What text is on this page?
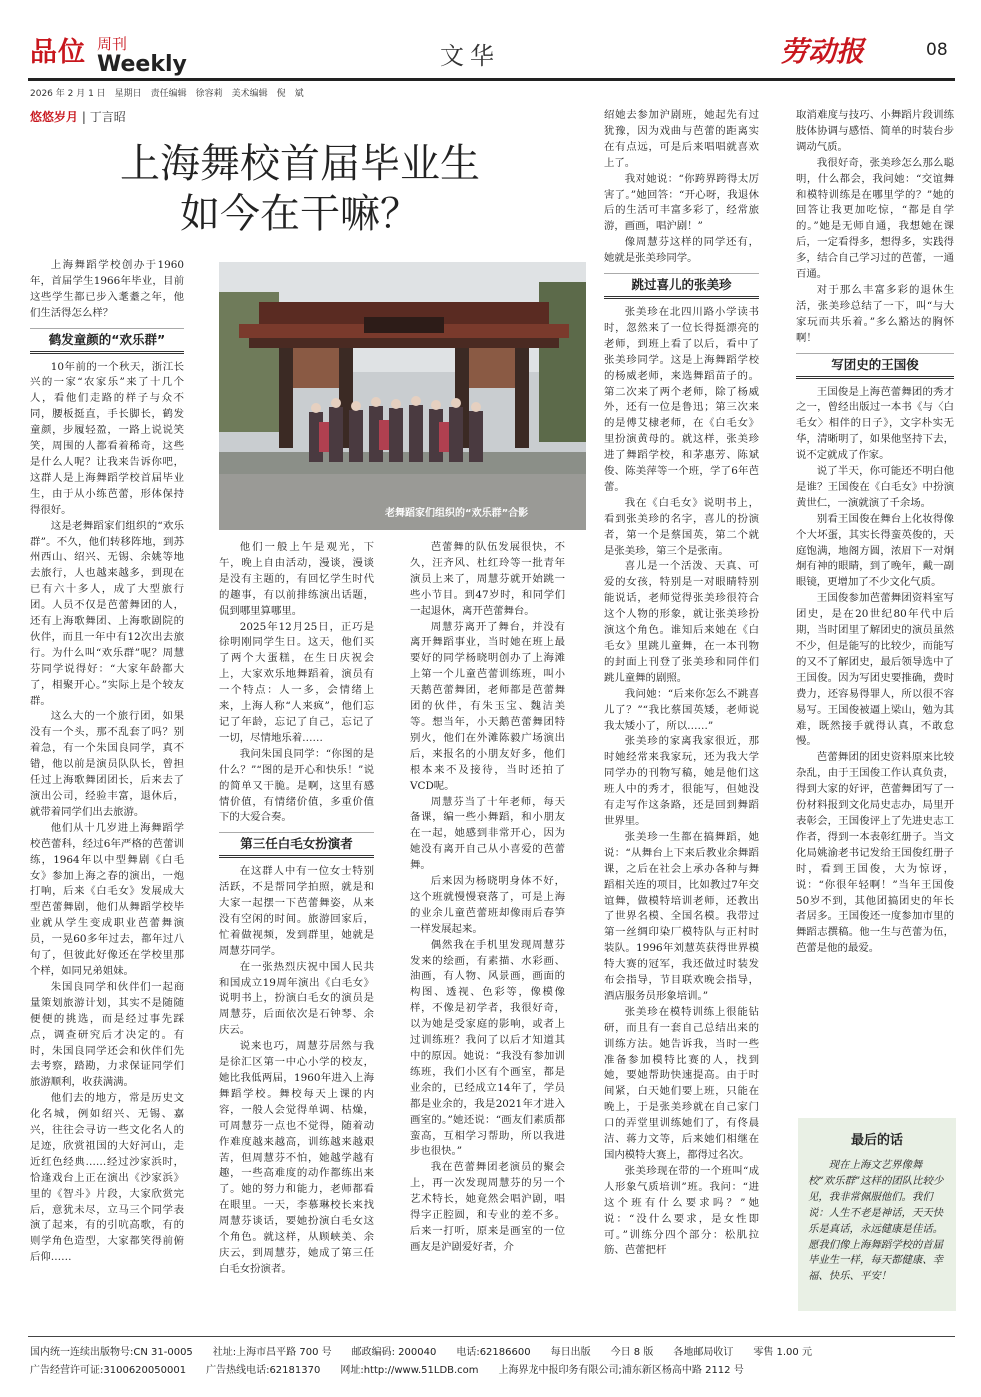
品位 周刊
Weekly	文华	劳动报	08
2026 年 2 月 1 日　星期日　责任编辑　徐容莉　美术编辑　倪　斌
悠悠岁月 | 丁言昭
上海舞校首届毕业生
如今在干嘛？
老舞蹈家们组织的“欢乐群”合影

上海舞蹈学校创办于1960年，首届学生1966年毕业，目前这些学生都已步入耄耋之年，他们生活得怎么样？

鹤发童颜的“欢乐群”

10年前的一个秋天，浙江长兴的一家“农家乐”来了十几个人，看他们走路的样子与众不同，腰板挺直，手长脚长，鹤发童颜，步履轻盈，一路上说说笑笑，周围的人都看着稀奇，这些是什么人呢？让我来告诉你吧，这群人是上海舞蹈学校首届毕业生，由于从小练芭蕾，形体保持得很好。

这是老舞蹈家们组织的“欢乐群”。不久，他们转移阵地，到苏州西山、绍兴、无锡、余姚等地去旅行，人也越来越多，到现在已有六十多人，成了大型旅行团。人员不仅是芭蕾舞团的人，还有上海歌舞团、上海歌剧院的伙伴，而且一年中有12次出去旅行。为什么叫“欢乐群”呢？周慧芬同学说得好：“大家年龄都大了，相聚开心。”实际上是个较友群。

这么大的一个旅行团，如果没有一个头，那不乱套了吗？别着急，有一个朱国良同学，真不错，他以前是演员队队长，曾担任过上海歌舞团团长，后来去了演出公司，经验丰富，退休后，就带着同学们出去旅游。

他们从十几岁进上海舞蹈学校芭蕾科，经过6年严格的芭蕾训练，1964年以中型舞剧《白毛女》参加上海之春的演出，一炮打响，后来《白毛女》发展成大型芭蕾舞剧，他们从舞蹈学校毕业就从学生变成职业芭蕾舞演员，一晃60多年过去，都年过八旬了，但彼此好像还在学校里那个样，如同兄弟姐妹。

朱国良同学和伙伴们一起商量策划旅游计划，其实不是随随便便的挑选，而是经过事先踩点，调查研究后才决定的。有时，朱国良同学还会和伙伴们先去考察，踏勘，力求保证同学们旅游顺利，收获满满。

他们去的地方，常是历史文化名城，例如绍兴、无锡、嘉兴，往往会寻访一些文化名人的足迹，欣赏祖国的大好河山，走近红色经典……经过沙家浜时，恰逢戏台上正在演出《沙家浜》里的《智斗》片段，大家欣赏完后，意犹未尽，立马三个同学表演了起来，有的引吭高歌，有的则学角色造型，大家都笑得前俯后仰……

他们一般上午是观光，下午，晚上自由活动，漫谈，漫谈是没有主题的，有回忆学生时代的趣事，有以前排练演出话题，侃到哪里算哪里。

2025年12月25日，正巧是徐明刚同学生日。这天，他们买了两个大蛋糕，在生日庆祝会上，大家欢乐地舞蹈着，演员有一个特点：人一多，会情绪上来，上海人称“人来疯”，他们忘记了年龄，忘记了自己，忘记了一切，尽情地乐着……

我问朱国良同学：“你图的是什么？”“图的是开心和快乐！”说的简单又干脆。是啊，这里有感情价值，有情绪价值，多重价值下的大爱合奏。

第三任白毛女扮演者

在这群人中有一位女士特别活跃，不是帮同学拍照，就是和大家一起摆一下芭蕾舞姿，从来没有空闲的时间。旅游回家后，忙着做视频，发到群里，她就是周慧芬同学。

在一张热烈庆祝中国人民共和国成立19周年演出《白毛女》说明书上，扮演白毛女的演员是周慧芬，后面依次是石钟琴、余庆云。

说来也巧，周慧芬居然与我是徐汇区第一中心小学的校友，她比我低两届，1960年进入上海舞蹈学校。舞校每天上课的内容，一般人会觉得单调、枯燥，可周慧芬一点也不觉得，随着动作难度越来越高，训练越来越艰苦，但周慧芬不怕，她越学越有趣，一些高难度的动作都练出来了。她的努力和能力，老师都看在眼里。一天，李慕琳校长来找周慧芬谈话，要她扮演白毛女这个角色。就这样，从顾峡美、余庆云，到周慧芬，她成了第三任白毛女扮演者。

芭蕾舞的队伍发展很快，不久，汪齐风、杜红玲等一批青年演员上来了，周慧芬就开始跳一些小节目。到47岁时，和同学们一起退休，离开芭蕾舞台。

周慧芬离开了舞台，并没有离开舞蹈事业，当时她在班上最要好的同学杨晓明创办了上海滩上第一个儿童芭蕾训练班，叫小天鹅芭蕾舞团，老师都是芭蕾舞团的伙伴，有朱玉宝、魏洁美等。想当年，小天鹅芭蕾舞团特别火，他们在外滩陈毅广场演出后，来报名的小朋友好多，他们根本来不及接待，当时还拍了VCD呢。

周慧芬当了十年老师，每天备课，编一些小舞蹈，和小朋友在一起，她感到非常开心，因为她没有离开自己从小喜爱的芭蕾舞。

后来因为杨晓明身体不好，这个班就慢慢衰落了，可是上海的业余儿童芭蕾班却像雨后春笋一样发展起来。

偶然我在手机里发现周慧芬发来的绘画，有素描、水彩画、油画，有人物、风景画，画面的构图、透视、色彩等，像模像样，不像是初学者，我很好奇，以为她是受家庭的影响，或者上过训练班？我问了以后才知道其中的原因。她说：“我没有参加训练班，我们小区有个画室，都是业余的，已经成立14年了，学员都是业余的，我是2021年才进入画室的。”她还说：“画友们素质都蛮高，互相学习帮助，所以我进步也很快。”

我在芭蕾舞团老演员的聚会上，再一次发现周慧芬的另一个艺术特长，她竟然会唱沪剧，唱得字正腔圆，和专业的差不多。后来一打听，原来是画室的一位画友是沪剧爱好者，介

绍她去参加沪剧班，她起先有过犹豫，因为戏曲与芭蕾的距离实在有点远，可是后来唱唱就喜欢上了。

我对她说：“你跨界跨得太厉害了。”她回答：“开心呀，我退休后的生活可丰富多彩了，经常旅游，画画，唱沪剧！”

像周慧芬这样的同学还有，她就是张美珍同学。

跳过喜儿的张美珍

张美珍在北四川路小学读书时，忽然来了一位长得挺漂亮的老师，到班上看了以后，看中了张美珍同学。这是上海舞蹈学校的杨威老师，来选舞蹈苗子的。第二次来了两个老师，除了杨威外，还有一位是鲁迅；第三次来的是傅艾棣老师，在《白毛女》里扮演黄母的。就这样，张美珍进了舞蹈学校，和茅惠芳、陈斌俊、陈美萍等一个班，学了6年芭蕾。

我在《白毛女》说明书上，看到张美珍的名字，喜儿的扮演者，第一个是蔡国英，第二个就是张美珍，第三个是张南。

喜儿是一个活泼、天真、可爱的女孩，特别是一对眼睛特别能说话，老师觉得张美珍很符合这个人物的形象，就让张美珍扮演这个角色。谁知后来她在《白毛女》里跳儿童舞，在一本刊物的封面上刊登了张美珍和同伴们跳儿童舞的剧照。

我问她：“后来你怎么不跳喜儿了？”“我比蔡国英矮，老师说我太矮小了，所以……”

张美珍的家离我家很近，那时她经常来我家玩，还为我大学同学办的刊物写稿，她是他们这班人中的秀才，很能写，但她没有走写作这条路，还是回到舞蹈世界里。

张美珍一生都在搞舞蹈，她说：“从舞台上下来后教业余舞蹈课，之后在社会上承办各种与舞蹈相关连的项目，比如教过7年交谊舞，做模特培训老师，还教出了世界名模、全国名模。我带过第一丝绸印染厂模特队与正村时装队。1996年刘慧英获得世界模特大赛的冠军，我还做过时装发布会指导，节目联欢晚会指导，酒店服务员形象培训。”

张美珍在模特训练上很能钻研，而且有一套自己总结出来的训练方法。她告诉我，当时一些准备参加模特比赛的人，找到她，要她帮助快速提高。由于时间紧，白天她们要上班，只能在晚上，于是张美珍就在自己家门口的弄堂里训练她们了，有佟晨洁、蒋力文等，后来她们相继在国内模特大赛上，都得过名次。

张美珍现在带的一个班叫“成人形象气质培训”班。我问：“进这个班有什么要求吗？”她说：“没什么要求，是女性即可。”训练分四个部分：松肌拉筋、芭蕾把杆

取消难度与技巧、小舞蹈片段训练肢体协调与感悟、简单的时装台步调动气质。

我很好奇，张美珍怎么那么聪明，什么都会，我问她：“交谊舞和模特训练是在哪里学的？”她的回答让我更加吃惊，“都是自学的。”她是无师自通，我想她在课后，一定看得多，想得多，实践得多，结合自己学习过的芭蕾，一通百通。

对于那么丰富多彩的退休生活，张美珍总结了一下，叫“与大家玩而共乐着。”多么豁达的胸怀啊！

写团史的王国俊

王国俊是上海芭蕾舞团的秀才之一，曾经出版过一本书《与〈白毛女〉相伴的日子》，文字朴实无华，清晰明了，如果他坚持下去，说不定就成了作家。

说了半天，你可能还不明白他是谁？王国俊在《白毛女》中扮演黄世仁，一演就演了千余场。

别看王国俊在舞台上化妆得像个大坏蛋，其实长得蛮英俊的，天庭饱满，地阁方圆，浓眉下一对炯炯有神的眼睛，到了晚年，戴一副眼镜，更增加了不少文化气质。

王国俊参加芭蕾舞团资料室写团史，是在20世纪80年代中后期，当时团里了解团史的演员虽然不少，但是能写的比较少，而能写的又不了解团史，最后领导选中了王国俊。因为写团史要推确，费时费力，还容易得罪人，所以很不容易写。王国俊被逼上梁山，勉为其难，既然接手就得认真，不敢怠慢。

芭蕾舞团的团史资料原来比较杂乱，由于王国俊工作认真负责，得到大家的好评，芭蕾舞团写了一份材料报到文化局史志办，局里开表彰会，王国俊评上了先进史志工作者，得到一本表彰红册子。当文化局姚渝老书记发给王国俊红册子时，看到王国俊，大为惊讶，说：“你很年轻啊！”当年王国俊50岁不到，其他团搞团史的年长者居多。王国俊还一度参加市里的舞蹈志撰稿。他一生与芭蕾为伍，芭蕾是他的最爱。

最后的话
现在上海文艺界像舞校“欢乐群”这样的团队比较少见，我非常佩服他们。我们说：人生不老是神话，天天快乐是真话，永远健康是佳话。愿我们像上海舞蹈学校的首届毕业生一样，每天都健康、幸福、快乐、平安！
国内统一连续出版物号:CN 31-0005　　社址:上海市昌平路 700 号　　邮政编码: 200040　　电话:62186600　　每日出版　　今日 8 版　　各地邮局收订　　零售 1.00 元
广告经营许可证:3100620050001　　广告热线电话:62181370　　网址:http://www.51LDB.com　　上海界龙中报印务有限公司;浦东新区杨高中路 2112 号
